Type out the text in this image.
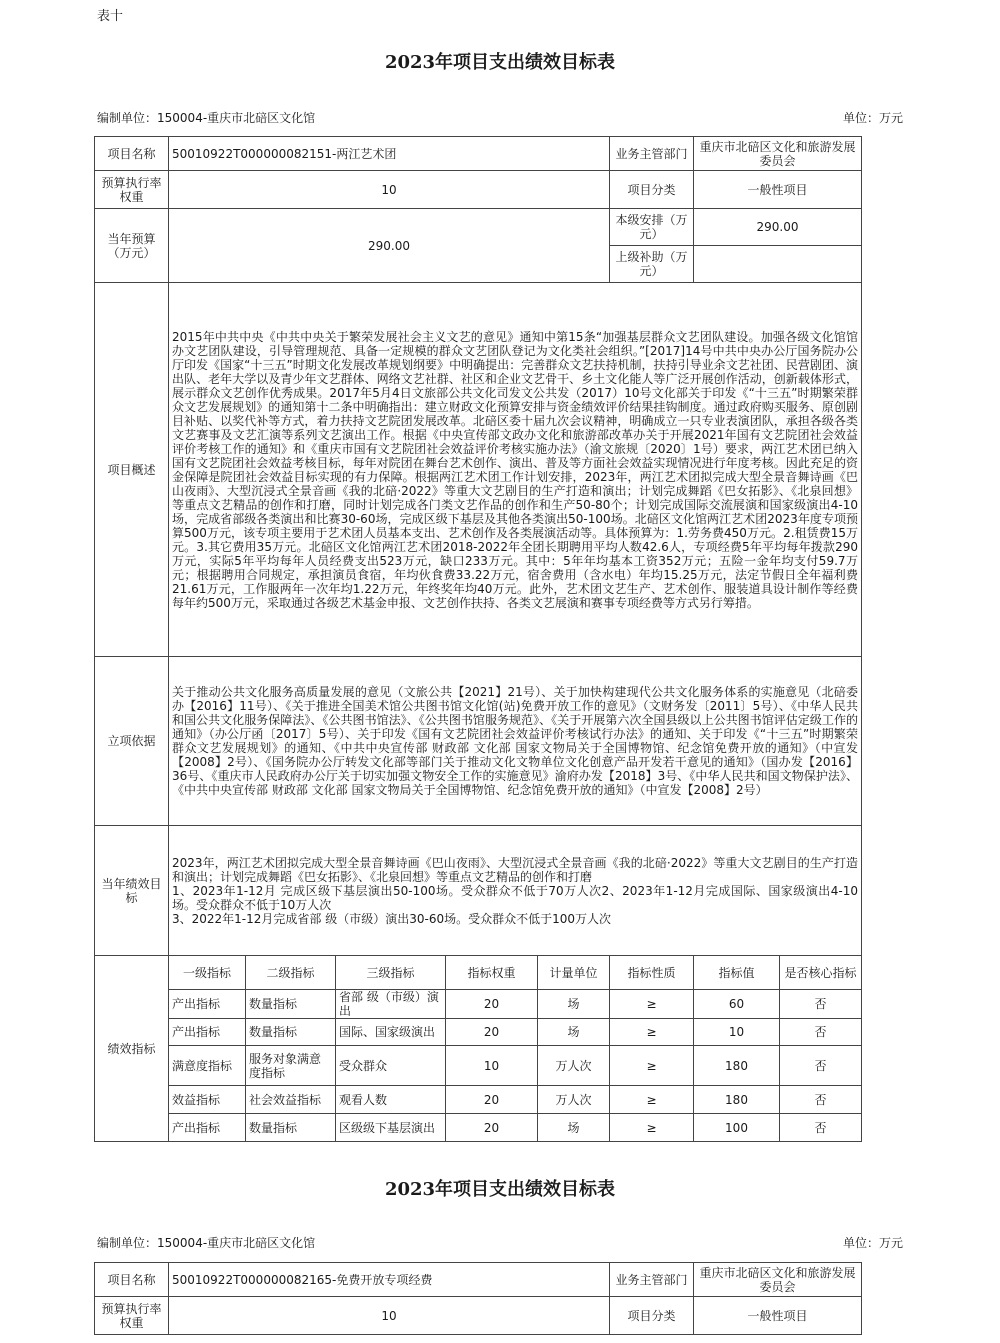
表十
2023年项目支出绩效目标表
编制单位：150004-重庆市北碚区文化馆	单位：万元
项目名称	50010922T000000082151-两江艺术团					业务主管部门	重庆市北碚区文化和旅游发展委员会	
预算执行率权重	10					项目分类	一般性项目	
当年预算（万元）	290.00					本级安排（万元）	290.00	
						上级补助（万元）		
项目概述	2015年中共中央《中共中央关于繁荣发展社会主义文艺的意见》通知中第15条“加强基层群众文艺团队建设。加强各级文化馆馆办文艺团队建设，引导管理规范、具备一定规模的群众文艺团队登记为文化类社会组织。”[2017]14号中共中央办公厅国务院办公厅印发《国家“十三五”时期文化发展改革规划纲要》中明确提出：完善群众文艺扶持机制，扶持引导业余文艺社团、民营剧团、演出队、老年大学以及青少年文艺群体、网络文艺社群、社区和企业文艺骨干、乡土文化能人等广泛开展创作活动，创新载体形式，展示群众文艺创作优秀成果。2017年5月4日文旅部公共文化司发文公共发（2017）10号文化部关于印发《“十三五”时期繁荣群众文艺发展规划》的通知第十二条中明确指出：建立财政文化预算安排与资金绩效评价结果挂钩制度。通过政府购买服务、原创剧目补贴、以奖代补等方式，着力扶持文艺院团发展改革。北碚区委十届九次会议精神，明确成立一只专业表演团队，承担各级各类文艺赛事及文艺汇演等系列文艺演出工作。根据《中央宣传部文政办文化和旅游部改革办关于开展2021年国有文艺院团社会效益评价考核工作的通知》和《重庆市国有文艺院团社会效益评价考核实施办法》（渝文旅规〔2020〕1号）要求，两江艺术团已纳入国有文艺院团社会效益考核目标，每年对院团在舞台艺术创作、演出、普及等方面社会效益实现情况进行年度考核。因此充足的资金保障是院团社会效益目标实现的有力保障。根据两江艺术团工作计划安排，2023年，两江艺术团拟完成大型全景音舞诗画《巴山夜雨》、大型沉浸式全景音画《我的北碚·2022》等重大文艺剧目的生产打造和演出；计划完成舞蹈《巴女拓影》、《北泉回想》等重点文艺精品的创作和打磨，同时计划完成各门类文艺作品的创作和生产50-80个；计划完成国际交流展演和国家级演出4-10场，完成省部级各类演出和比赛30-60场，完成区级下基层及其他各类演出50-100场。北碚区文化馆两江艺术团2023年度专项预算500万元，该专项主要用于艺术团人员基本支出、艺术创作及各类展演活动等。具体预算为：1.劳务费450万元。2.租赁费15万元。3.其它费用35万元。北碚区文化馆两江艺术团2018-2022年全团长期聘用平均人数42.6人，专项经费5年平均每年拨款290万元，实际5年平均每年人员经费支出523万元，缺口233万元。其中：5年年均基本工资352万元；五险一金年均支付59.7万元；根据聘用合同规定，承担演员食宿，年均伙食费33.22万元，宿舍费用（含水电）年均15.25万元，法定节假日全年福利费21.61万元，工作服两年一次年均1.22万元，年终奖年均40万元。此外，艺术团文艺生产、艺术创作、服装道具设计制作等经费每年约500万元，采取通过各级艺术基金申报、文艺创作扶持、各类文艺展演和赛事专项经费等方式另行筹措。							
立项依据	关于推动公共文化服务高质量发展的意见（文旅公共【2021】21号）、关于加快构建现代公共文化服务体系的实施意见（北碚委办【2016】11号）、《关于推进全国美术馆公共图书馆文化馆(站)免费开放工作的意见》（文财务发〔2011〕5号）、《中华人民共和国公共文化服务保障法》、《公共图书馆法》、《公共图书馆服务规范》、《关于开展第六次全国县级以上公共图书馆评估定级工作的通知》（办公厅函〔2017〕5号）、关于印发《国有文艺院团社会效益评价考核试行办法》的通知、关于印发《“十三五”时期繁荣群众文艺发展规划》的通知、《中共中央宣传部 财政部 文化部 国家文物局关于全国博物馆、纪念馆免费开放的通知》（中宣发【2008】2号）、《国务院办公厅转发文化部等部门关于推动文化文物单位文化创意产品开发若干意见的通知》（国办发【2016】36号、《重庆市人民政府办公厅关于切实加强文物安全工作的实施意见》渝府办发【2018】3号、《中华人民共和国文物保护法》、《中共中央宣传部 财政部 文化部 国家文物局关于全国博物馆、纪念馆免费开放的通知》（中宣发【2008】2号）							
当年绩效目标	2023年，两江艺术团拟完成大型全景音舞诗画《巴山夜雨》、大型沉浸式全景音画《我的北碚·2022》等重大文艺剧目的生产打造和演出；计划完成舞蹈《巴女拓影》、《北泉回想》等重点文艺精品的创作和打磨

1、2023年1-12月 完成区级下基层演出50-100场。受众群众不低于70万人次2、2023年1-12月完成国际、国家级演出4-10场。受众群众不低于10万人次

3、2022年1-12月完成省部 级（市级）演出30-60场。受众群众不低于100万人次							

绩效指标	一级指标	二级指标	三级指标	指标权重	计量单位	指标性质	指标值	是否核心指标
	产出指标	数量指标	省部 级（市级）演出	20	场	≥	60	否
	产出指标	数量指标	国际、国家级演出	20	场	≥	10	否
	满意度指标	服务对象满意度指标	受众群众	10	万人次	≥	180	否
	效益指标	社会效益指标	观看人数	20	万人次	≥	180	否
	产出指标	数量指标	区级级下基层演出	20	场	≥	100	否
2023年项目支出绩效目标表
编制单位：150004-重庆市北碚区文化馆	单位：万元
项目名称	50010922T000000082165-免费开放专项经费	业务主管部门	重庆市北碚区文化和旅游发展委员会
预算执行率权重	10	项目分类	一般性项目
